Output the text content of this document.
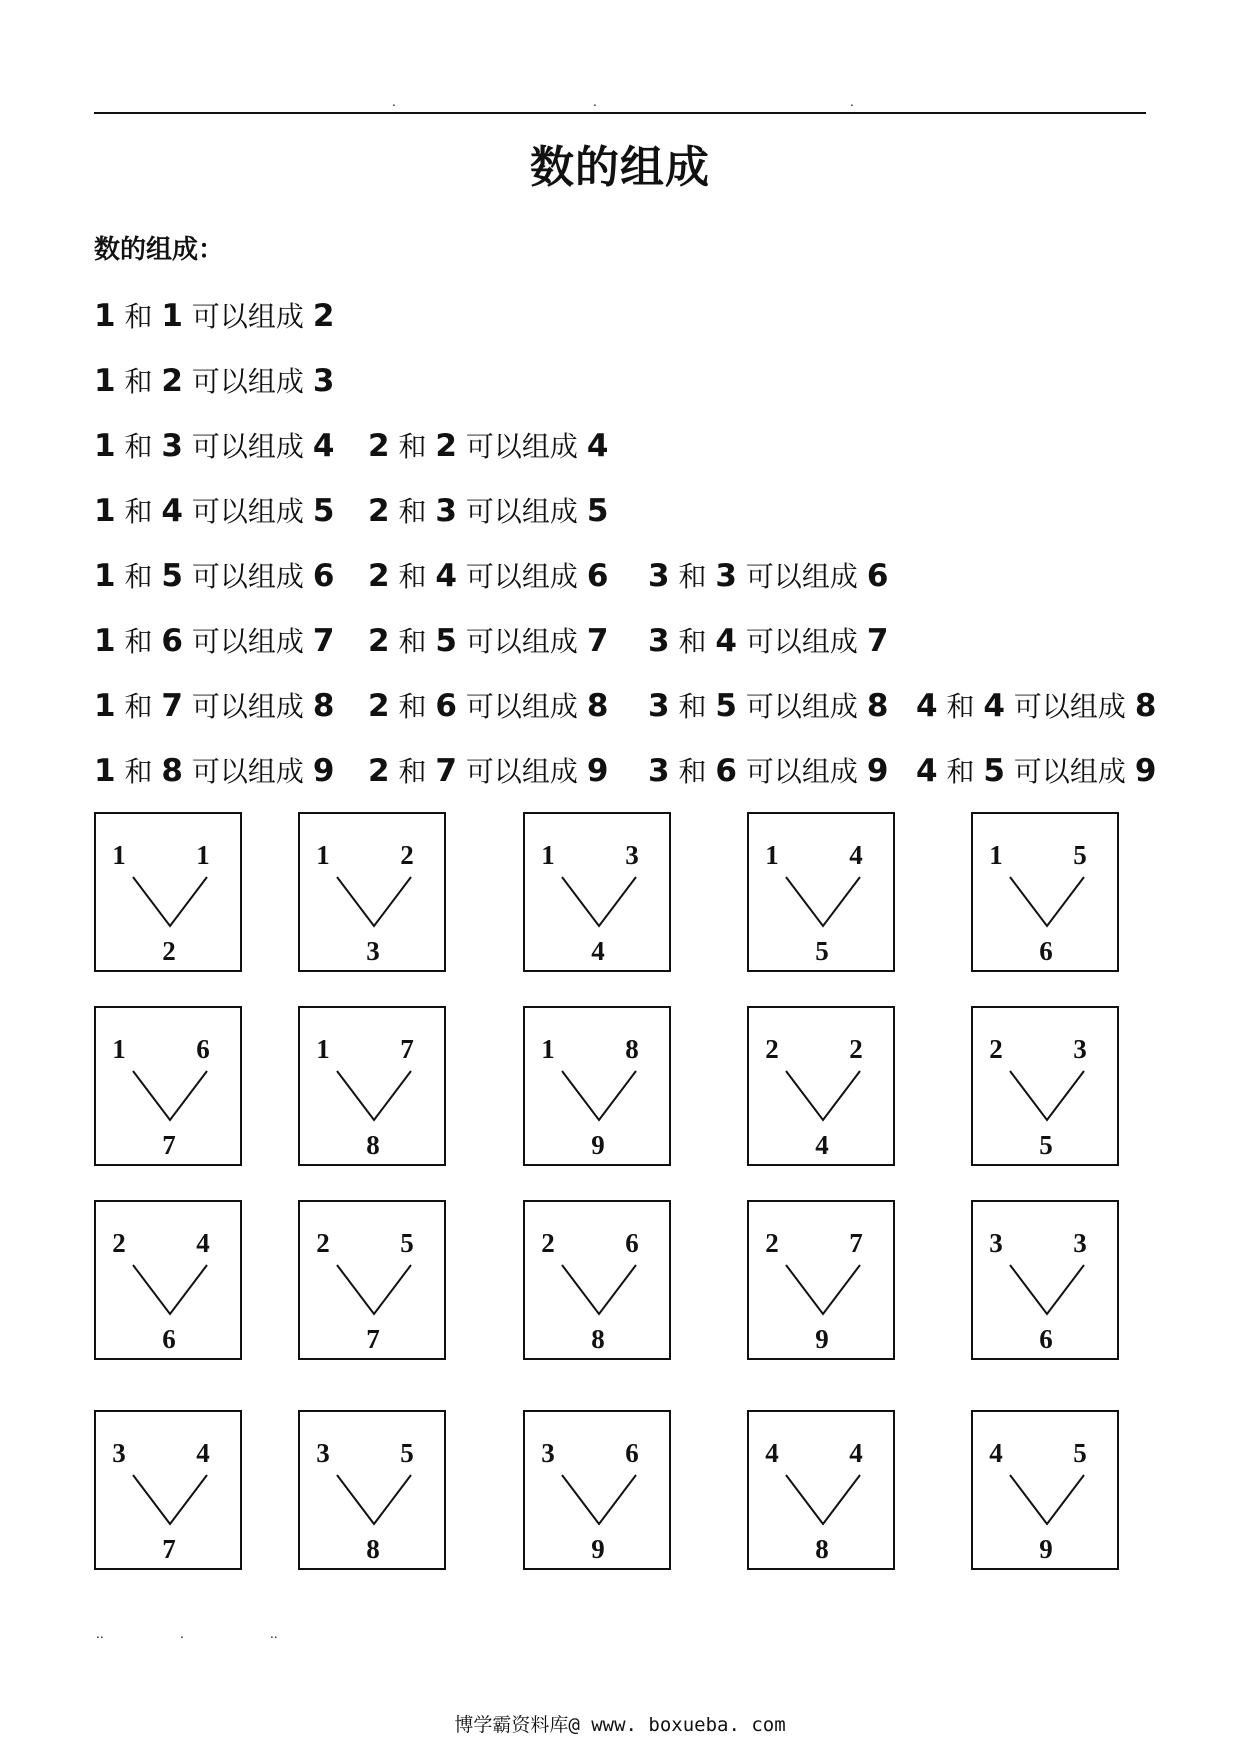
.	.	.
数的组成
数的组成：
1 和 1 可以组成 2
1 和 2 可以组成 3
1 和 3 可以组成 4 2 和 2 可以组成 4
1 和 4 可以组成 5 2 和 3 可以组成 5
1 和 5 可以组成 6 2 和 4 可以组成 6 3 和 3 可以组成 6
1 和 6 可以组成 7 2 和 5 可以组成 7 3 和 4 可以组成 7
1 和 7 可以组成 8 2 和 6 可以组成 8 3 和 5 可以组成 8 4 和 4 可以组成 8
1 和 8 可以组成 9 2 和 7 可以组成 9 3 和 6 可以组成 9 4 和 5 可以组成 9
1	1
2
1	2
3
1	3
4
1	4
5
1	5
6
1	6
7
1	7
8
1	8
9
2	2
4
2	3
5
2	4
6
2	5
7
2	6
8
2	7
9
3	3
6
3	4
7
3	5
8
3	6
9
4	4
8
4	5
9
..	.	..
博学霸资料库@ www. boxueba. com
